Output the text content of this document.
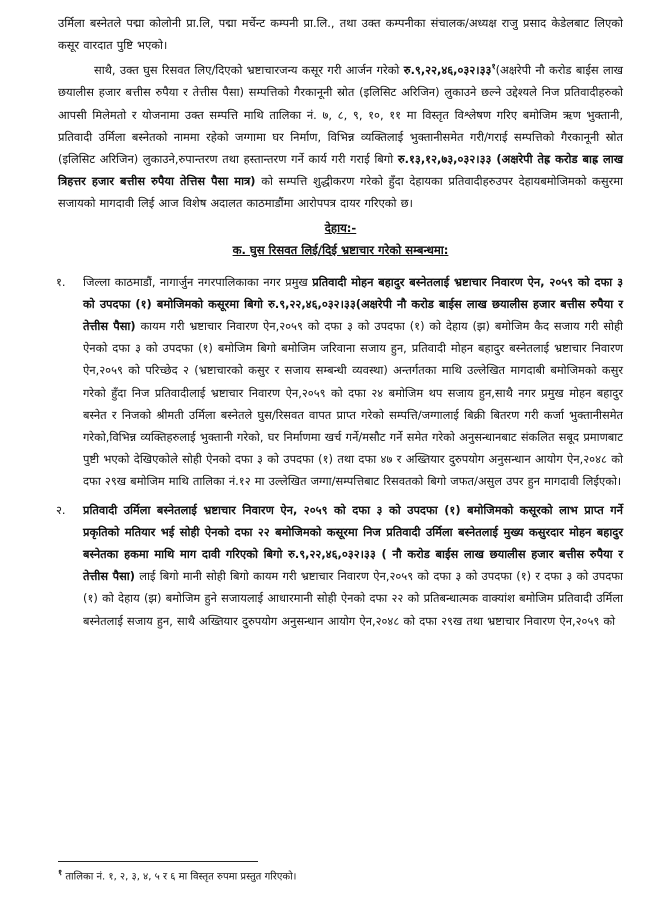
उर्मिला बस्नेतले पद्मा कोलोनी प्रा.लि, पद्मा मर्चेन्ट कम्पनी प्रा.लि., तथा उक्त कम्पनीका संचालक/अध्यक्ष राजु प्रसाद केडेलबाट लिएको कसूर वारदात पुष्टि भएको।

साथै, उक्त घुस रिसवत लिए/दिएको भ्रष्टाचारजन्य कसूर गरी आर्जन गरेको $रु.९,२२,४६,०३२।३३^१(अक्षरेपी$ नौ करोड बाईस लाख छयालीस हजार बत्तीस रुपैया र तेत्तीस पैसा) सम्पत्तिको गैरकानूनी स्रोत (इलिसिट अरिजिन) लुकाउने छल्ने उद्देश्यले निज प्रतिवादीहरुको आपसी मिलेमतो र योजनामा उक्त सम्पत्ति माथि तालिका नं. ७, ८, ९, १०, ११ मा विस्तृत विश्लेषण गरिए बमोजिम ऋण भुक्तानी, प्रतिवादी उर्मिला बस्नेतको नाममा रहेको जग्गामा घर निर्माण, विभिन्न व्यक्तिलाई भुक्तानीसमेत गरी/गराई सम्पत्तिको गैरकानूनी स्रोत (इलिसिट अरिजिन) लुकाउने,रुपान्तरण तथा हस्तान्तरण गर्ने कार्य गरी गराई बिगो रु.१३,१२,७३,०३२।३३ (अक्षरेपी तेह्र करोड बाह्र लाख त्रिहत्तर हजार बत्तीस रुपैया तेत्तिस पैसा मात्र) को सम्पत्ति शुद्धीकरण गरेको हुँदा देहायका प्रतिवादीहरुउपर देहायबमोजिमको कसुरमा सजायको मागदावी लिई आज विशेष अदालत काठमाडौंमा आरोपपत्र दायर गरिएको छ।

देहाय:-
क. घुस रिसवत लिई/दिई भ्रष्टाचार गरेको सम्बन्धमा:
१. जिल्ला काठमाडौं, नागार्जुन नगरपालिकाका नगर प्रमुख प्रतिवादी मोहन बहादुर बस्नेतलाई भ्रष्टाचार निवारण ऐन, २०५९ को दफा ३ को उपदफा (१) बमोजिमको कसूरमा बिगो रु.९,२२,४६,०३२।३३(अक्षरेपी नौ करोड बाईस लाख छयालीस हजार बत्तीस रुपैया र तेत्तीस पैसा) कायम गरी भ्रष्टाचार निवारण ऐन,२०५९ को दफा ३ को उपदफा (१) को देहाय (झ) बमोजिम कैद सजाय गरी सोही ऐनको दफा ३ को उपदफा (१) बमोजिम बिगो बमोजिम जरिवाना सजाय हुन, प्रतिवादी मोहन बहादुर बस्नेतलाई भ्रष्टाचार निवारण ऐन,२०५९ को परिच्छेद २ (भ्रष्टाचारको कसुर र सजाय सम्बन्धी व्यवस्था) अन्तर्गतका माथि उल्लेखित मागदाबी बमोजिमको कसुर गरेको हुँदा निज प्रतिवादीलाई भ्रष्टाचार निवारण ऐन,२०५९ को दफा २४ बमोजिम थप सजाय हुन,साथै नगर प्रमुख मोहन बहादुर बस्नेत र निजको श्रीमती उर्मिला बस्नेतले घुस/रिसवत वापत प्राप्त गरेको सम्पत्ति/जग्गालाई बिक्री बितरण गरी कर्जा भुक्तानीसमेत गरेको,विभिन्न व्यक्तिहरुलाई भुक्तानी गरेको, घर निर्माणमा खर्च गर्ने/मसौट गर्ने समेत गरेको अनुसन्धानबाट संकलित सबूद प्रमाणबाट पुष्टी भएको देखिएकोले सोही ऐनको दफा ३ को उपदफा (१) तथा दफा ४७ र अख्तियार दुरुपयोग अनुसन्धान आयोग ऐन,२०४८ को दफा २९ख बमोजिम माथि तालिका नं.१२ मा उल्लेखित जग्गा/सम्पत्तिबाट रिसवतको बिगो जफत/असुल उपर हुन मागदावी लिईएको।

२. प्रतिवादी उर्मिला बस्नेतलाई भ्रष्टाचार निवारण ऐन, २०५९ को दफा ३ को उपदफा (१) बमोजिमको कसूरको लाभ प्राप्त गर्ने प्रकृतिको मतियार भई सोही ऐनको दफा २२ बमोजिमको कसूरमा निज प्रतिवादी उर्मिला बस्नेतलाई मुख्य कसुरदार मोहन बहादुर बस्नेतका हकमा माथि माग दावी गरिएको बिगो रु.९,२२,४६,०३२।३३ ( नौ करोड बाईस लाख छयालीस हजार बत्तीस रुपैया र तेत्तीस पैसा) लाई बिगो मानी सोही बिगो कायम गरी भ्रष्टाचार निवारण ऐन,२०५९ को दफा ३ को उपदफा (१) र दफा ३ को उपदफा (१) को देहाय (झ) बमोजिम हुने सजायलाई आधारमानी सोही ऐनको दफा २२ को प्रतिबन्धात्मक वाक्यांश बमोजिम प्रतिवादी उर्मिला बस्नेतलाई सजाय हुन, साथै अख्तियार दुरुपयोग अनुसन्धान आयोग ऐन,२०४८ को दफा २९ख तथा भ्रष्टाचार निवारण ऐन,२०५९ को

$^१$ तालिका नं. १, २, ३, ४, ५ र ६ मा विस्तृत रुपमा प्रस्तुत गरिएको।
